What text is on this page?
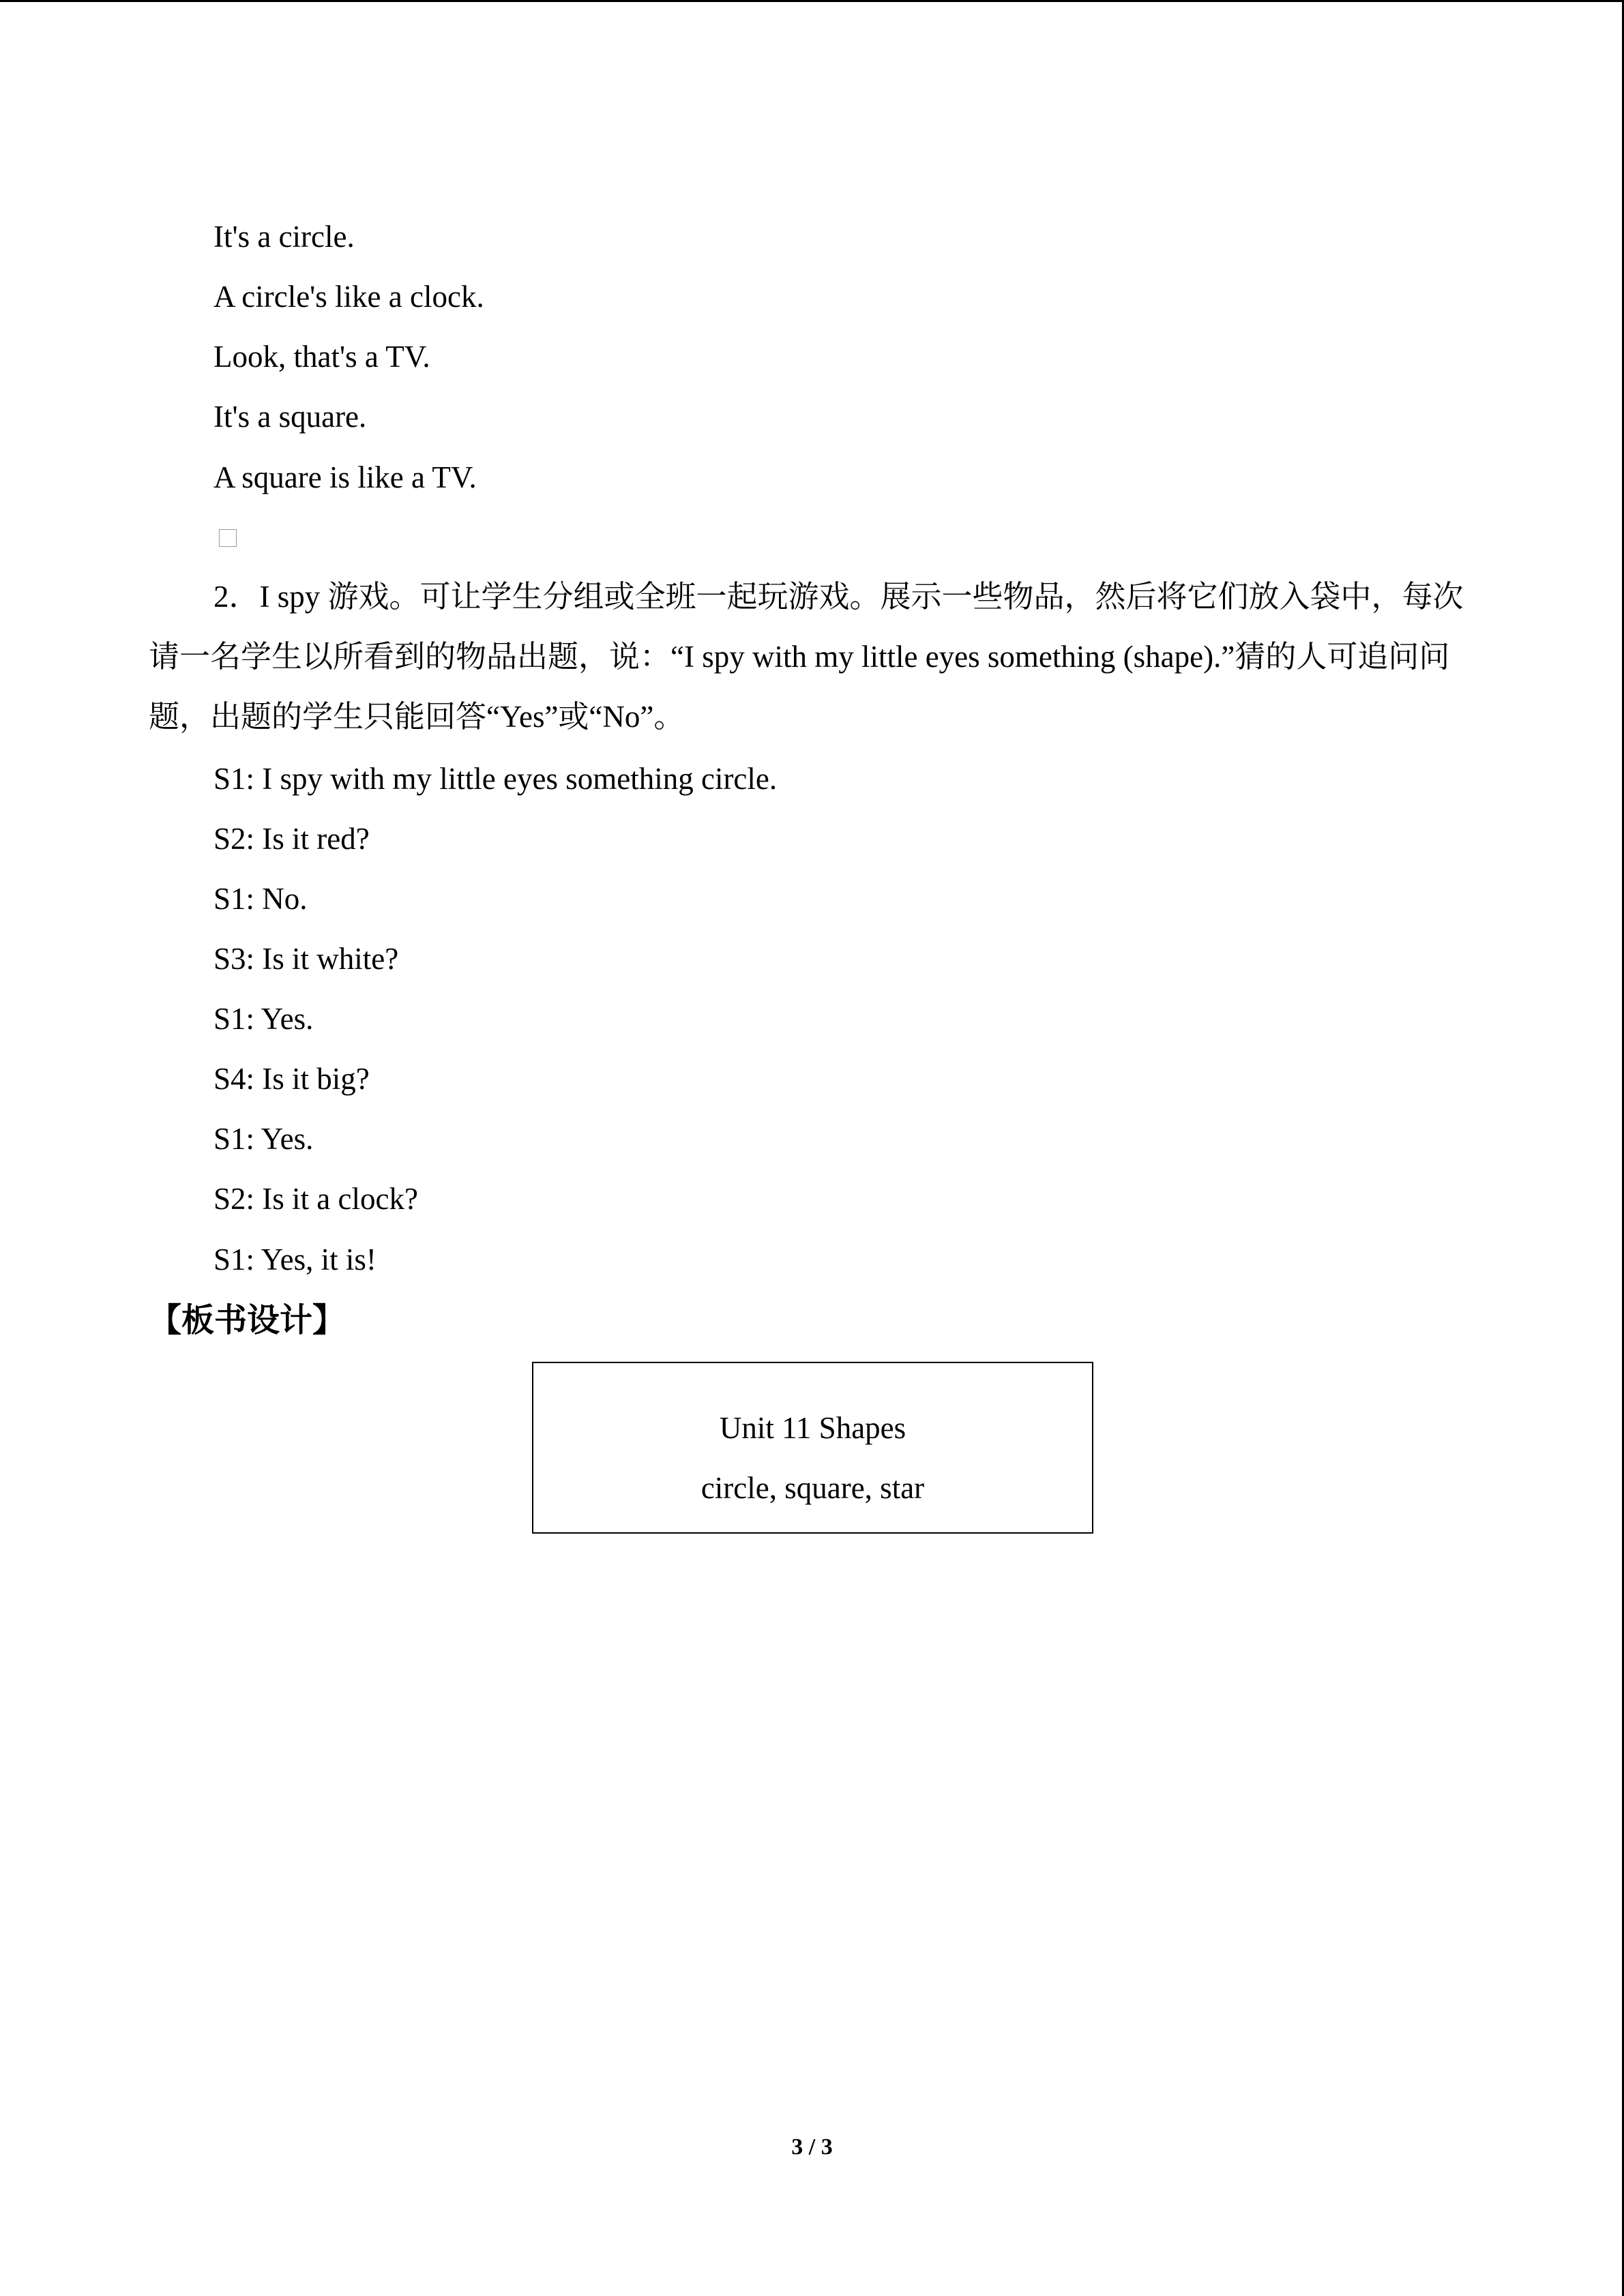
It's a circle.
A circle's like a clock.
Look, that's a TV.
It's a square.
A square is like a TV.
2．I spy 游戏。可让学生分组或全班一起玩游戏。展示一些物品，然后将它们放入袋中，每次请一名学生以所看到的物品出题，说：“I spy with my little eyes something (shape).”猜的人可追问问题，出题的学生只能回答“Yes”或“No”。
S1: I spy with my little eyes something circle.
S2: Is it red?
S1: No.
S3: Is it white?
S1: Yes.
S4: Is it big?
S1: Yes.
S2: Is it a clock?
S1: Yes, it is!
【板书设计】
Unit 11 Shapes
circle, square, star
3 / 3
